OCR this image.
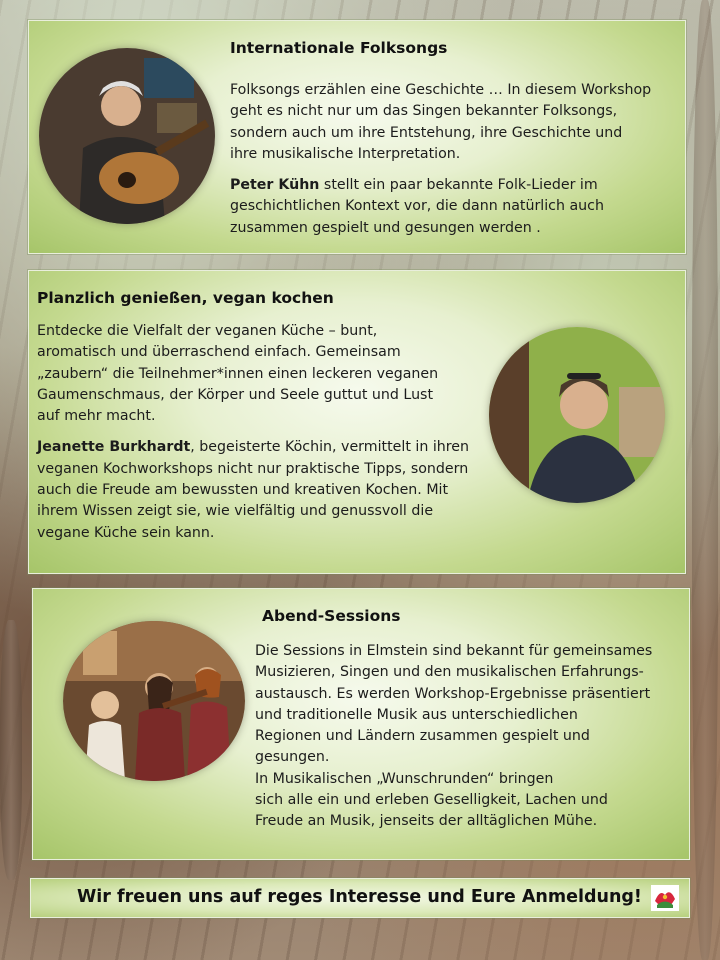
Internationale Folksongs

Folksongs erzählen eine Geschichte … In diesem Workshop
geht es nicht nur um das Singen bekannter Folksongs,
sondern auch um ihre Entstehung, ihre Geschichte und
ihre musikalische Interpretation.

Peter Kühn stellt ein paar bekannte Folk-Lieder im
geschichtlichen Kontext vor, die dann natürlich auch
zusammen gespielt und gesungen werden .

Planzlich genießen, vegan kochen

Entdecke die Vielfalt der veganen Küche – bunt,
aromatisch und überraschend einfach. Gemeinsam
„zaubern“ die Teilnehmer*innen einen leckeren veganen
Gaumenschmaus, der Körper und Seele guttut und Lust
auf mehr macht.

Jeanette Burkhardt, begeisterte Köchin, vermittelt in ihren
veganen Kochworkshops nicht nur praktische Tipps, sondern
auch die Freude am bewussten und kreativen Kochen. Mit
ihrem Wissen zeigt sie, wie vielfältig und genussvoll die
vegane Küche sein kann.

Abend-Sessions

Die Sessions in Elmstein sind bekannt für gemeinsames
Musizieren, Singen und den musikalischen Erfahrungs-
austausch. Es werden Workshop-Ergebnisse präsentiert
und traditionelle Musik aus unterschiedlichen
Regionen und Ländern zusammen gespielt und
gesungen.
In Musikalischen „Wunschrunden“ bringen
sich alle ein und erleben Geselligkeit, Lachen und
Freude an Musik, jenseits der alltäglichen Mühe.

Wir freuen uns auf reges Interesse und Eure Anmeldung!
